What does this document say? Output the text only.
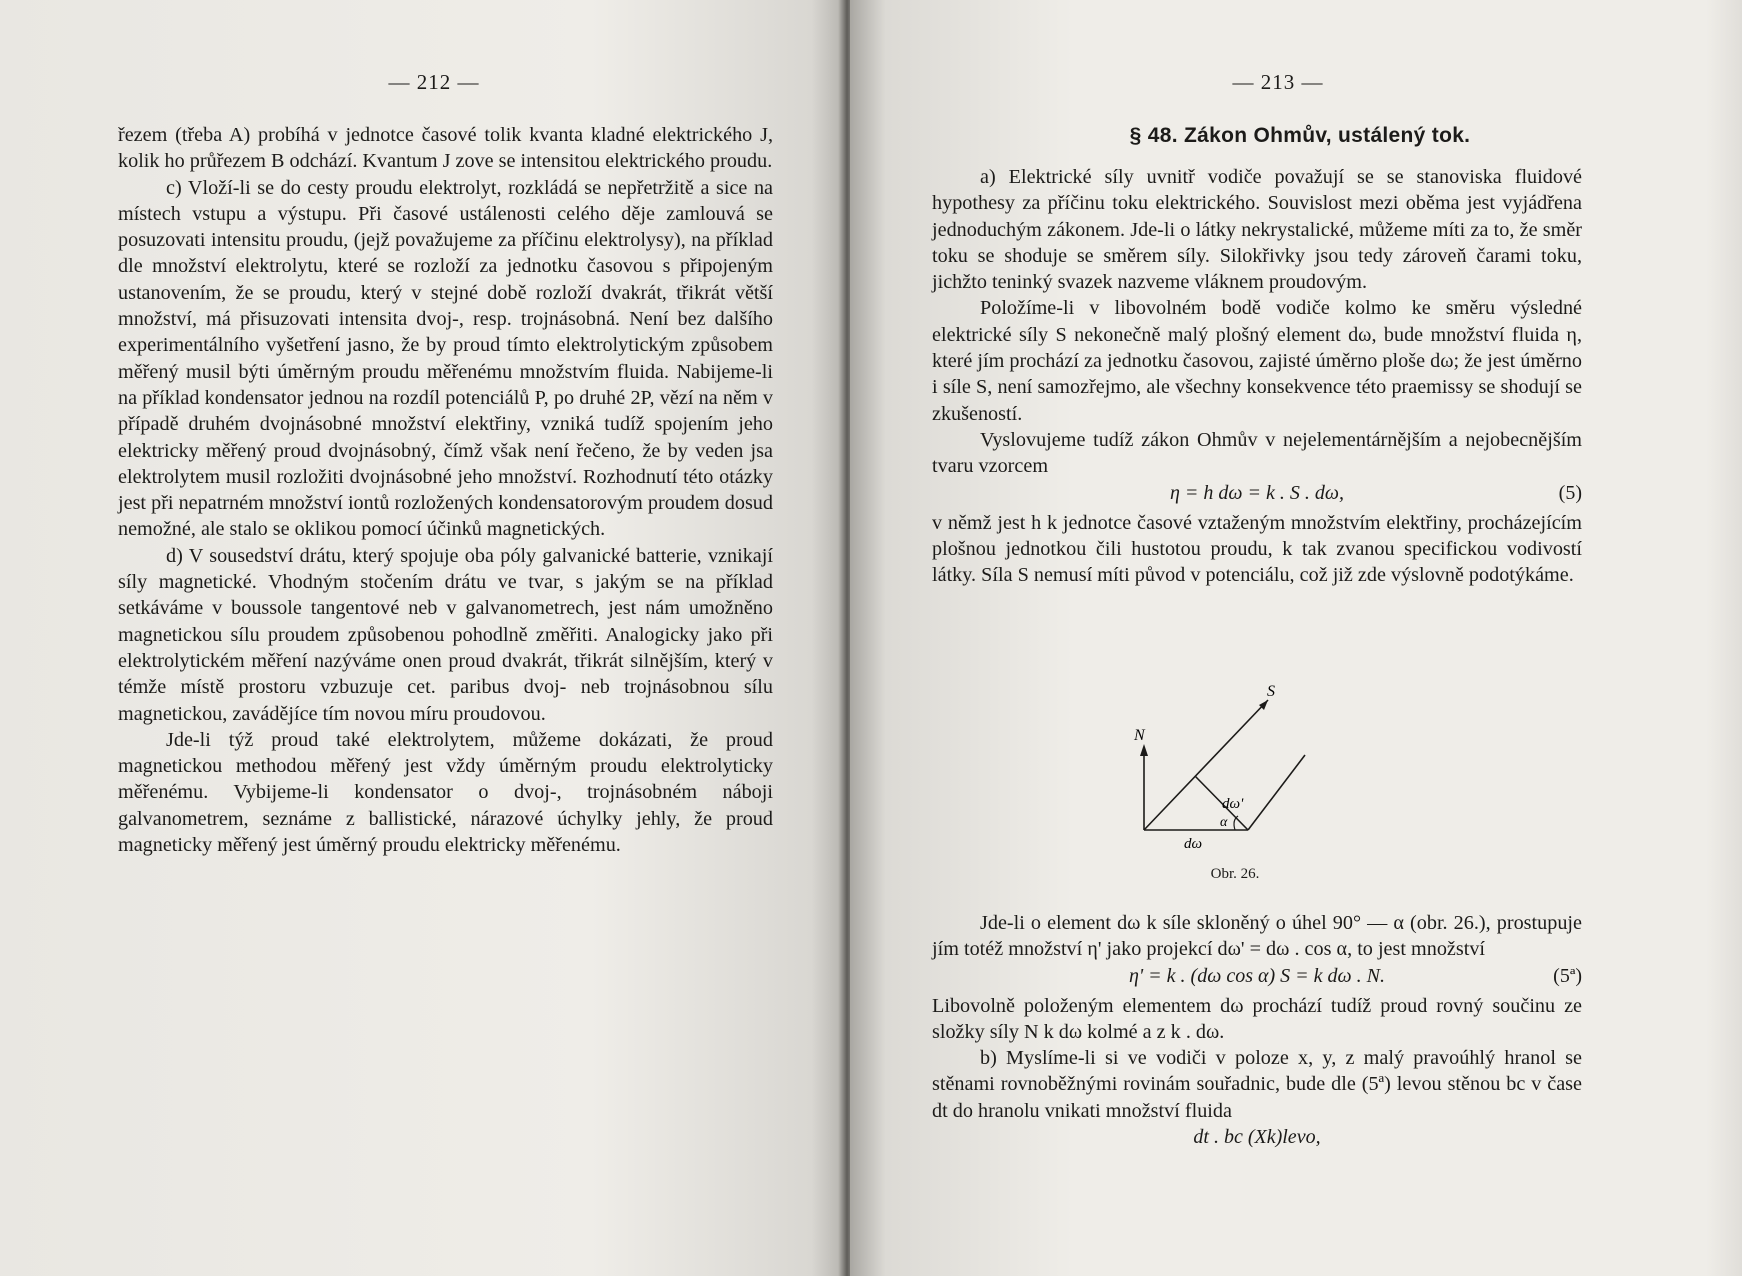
— 212 —

řezem (třeba A) probíhá v jednotce časové tolik kvanta kladné elektrického J, kolik ho průřezem B odchází. Kvantum J zove se intensitou elektrického proudu.

c) Vloží-li se do cesty proudu elektrolyt, rozkládá se nepřetržitě a sice na místech vstupu a výstupu. Při časové ustálenosti celého děje zamlouvá se posuzovati intensitu proudu, (jejž považujeme za příčinu elektrolysy), na příklad dle množství elektrolytu, které se rozloží za jednotku časovou s připojeným ustanovením, že se proudu, který v stejné době rozloží dvakrát, třikrát větší množství, má přisuzovati intensita dvoj-, resp. trojnásobná. Není bez dalšího experimentálního vyšetření jasno, že by proud tímto elektrolytickým způsobem měřený musil býti úměrným proudu měřenému množstvím fluida. Nabijeme-li na příklad kondensator jednou na rozdíl potenciálů P, po druhé 2P, vězí na něm v případě druhém dvojnásobné množství elektřiny, vzniká tudíž spojením jeho elektricky měřený proud dvojnásobný, čímž však není řečeno, že by veden jsa elektrolytem musil rozložiti dvojnásobné jeho množství. Rozhodnutí této otázky jest při nepatrném množství iontů rozložených kondensatorovým proudem dosud nemožné, ale stalo se oklikou pomocí účinků magnetických.

d) V sousedství drátu, který spojuje oba póly galvanické batterie, vznikají síly magnetické. Vhodným stočením drátu ve tvar, s jakým se na příklad setkáváme v boussole tangentové neb v galvanometrech, jest nám umožněno magnetickou sílu proudem způsobenou pohodlně změřiti. Analogicky jako při elektrolytickém měření nazýváme onen proud dvakrát, třikrát silnějším, který v témže místě prostoru vzbuzuje cet. paribus dvoj- neb trojnásobnou sílu magnetickou, zavádějíce tím novou míru proudovou.

Jde-li týž proud také elektrolytem, můžeme dokázati, že proud magnetickou methodou měřený jest vždy úměrným proudu elektrolyticky měřenému. Vybijeme-li kondensator o dvoj-, trojnásobném náboji galvanometrem, seznáme z ballistické, nárazové úchylky jehly, že proud magneticky měřený jest úměrný proudu elektricky měřenému.

— 213 —
§ 48. Zákon Ohmův, ustálený tok.

a) Elektrické síly uvnitř vodiče považují se se stanoviska fluidové hypothesy za příčinu toku elektrického. Souvislost mezi oběma jest vyjádřena jednoduchým zákonem. Jde-li o látky nekrystalické, můžeme míti za to, že směr toku se shoduje se směrem síly. Silokřivky jsou tedy zároveň čarami toku, jichžto teninký svazek nazveme vláknem proudovým.

Položíme-li v libovolném bodě vodiče kolmo ke směru výsledné elektrické síly S nekonečně malý plošný element dω, bude množství fluida η, které jím prochází za jednotku časovou, zajisté úměrno ploše dω; že jest úměrno i síle S, není samozřejmo, ale všechny konsekvence této praemissy se shodují se zkušeností.

Vyslovujeme tudíž zákon Ohmův v nejelementárnějším a nejobecnějším tvaru vzorcem

η = h dω = k . S . dω,	(5)

v němž jest h k jednotce časové vztaženým množstvím elektřiny, procházejícím plošnou jednotkou čili hustotou proudu, k tak zvanou specifickou vodivostí látky. Síla S nemusí míti původ v potenciálu, což již zde výslovně podotýkáme.

S
N
dω'
α
dω
Obr. 26.

Jde-li o element dω k síle skloněný o úhel 90° — α (obr. 26.), prostupuje jím totéž množství η' jako projekcí dω' = dω . cos α, to jest množství

η' = k . (dω cos α) S = k dω . N.	(5ª)

Libovolně položeným elementem dω prochází tudíž proud rovný součinu ze složky síly N k dω kolmé a z k . dω.

b) Myslíme-li si ve vodiči v poloze x, y, z malý pravoúhlý hranol se stěnami rovnoběžnými rovinám souřadnic, bude dle (5ª) levou stěnou bc v čase dt do hranolu vnikati množství fluida

dt . bc (Xk)levo,
